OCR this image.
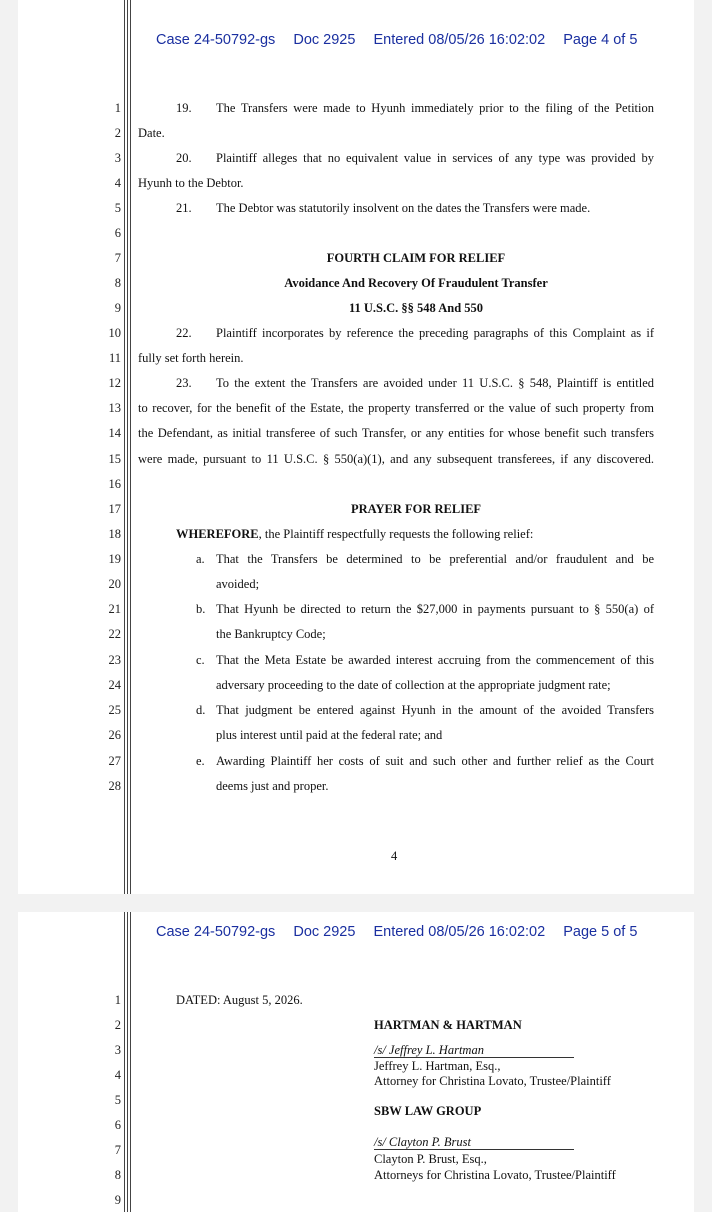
Case 24-50792-gs Doc 2925 Entered 08/05/26 16:02:02 Page 4 of 5
1
2
3
4
5
6
7
8
9
10
11
12
13
14
15
16
17
18
19
20
21
22
23
24
25
26
27
28
19. The Transfers were made to Hyunh immediately prior to the filing of the Petition
Date.
20. Plaintiff alleges that no equivalent value in services of any type was provided by
Hyunh to the Debtor.
21. The Debtor was statutorily insolvent on the dates the Transfers were made.
FOURTH CLAIM FOR RELIEF
Avoidance And Recovery Of Fraudulent Transfer
11 U.S.C. §§ 548 And 550
22. Plaintiff incorporates by reference the preceding paragraphs of this Complaint as if
fully set forth herein.
23. To the extent the Transfers are avoided under 11 U.S.C. § 548, Plaintiff is entitled
to recover, for the benefit of the Estate, the property transferred or the value of such property from
the Defendant, as initial transferee of such Transfer, or any entities for whose benefit such transfers
were made, pursuant to 11 U.S.C. § 550(a)(1), and any subsequent transferees, if any discovered.
PRAYER FOR RELIEF
WHEREFORE, the Plaintiff respectfully requests the following relief:
a. That the Transfers be determined to be preferential and/or fraudulent and be
avoided;
b. That Hyunh be directed to return the $27,000 in payments pursuant to § 550(a) of
the Bankruptcy Code;
c. That the Meta Estate be awarded interest accruing from the commencement of this
adversary proceeding to the date of collection at the appropriate judgment rate;
d. That judgment be entered against Hyunh in the amount of the avoided Transfers
plus interest until paid at the federal rate; and
e. Awarding Plaintiff her costs of suit and such other and further relief as the Court
deems just and proper.
4
Case 24-50792-gs Doc 2925 Entered 08/05/26 16:02:02 Page 5 of 5
1
2
3
4
5
6
7
8
9
DATED: August 5, 2026.
HARTMAN & HARTMAN
/s/ Jeffrey L. Hartman
Jeffrey L. Hartman, Esq.,
Attorney for Christina Lovato, Trustee/Plaintiff
SBW LAW GROUP
/s/ Clayton P. Brust
Clayton P. Brust, Esq.,
Attorneys for Christina Lovato, Trustee/Plaintiff
